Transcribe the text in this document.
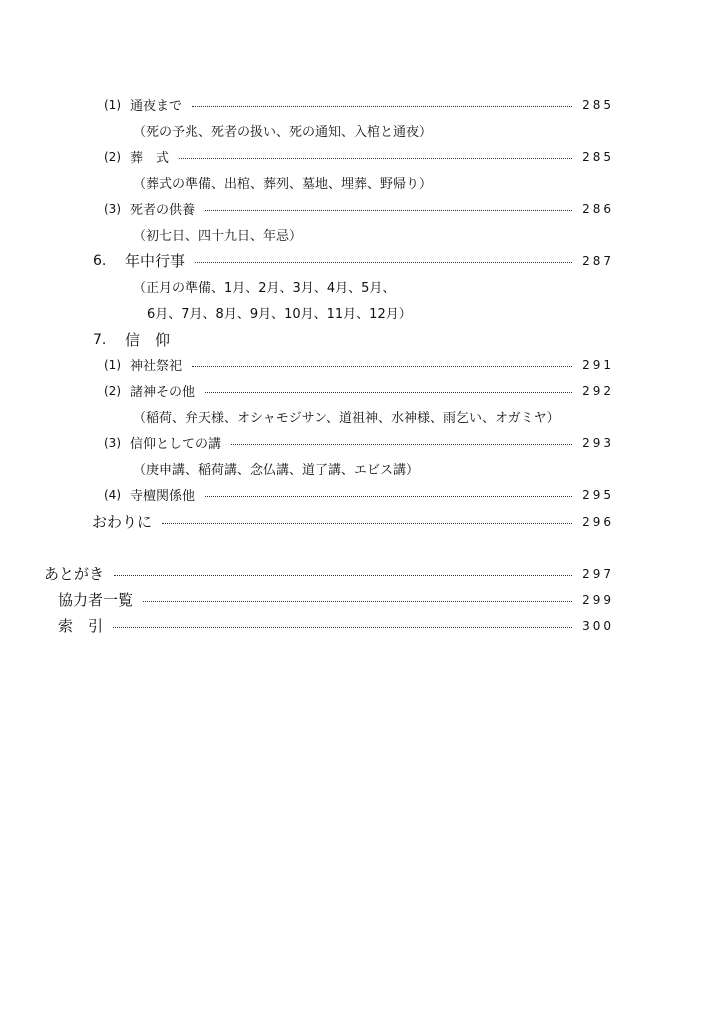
(1) 通夜まで	285
（死の予兆、死者の扱い、死の通知、入棺と通夜）
(2) 葬　式	285
（葬式の準備、出棺、葬列、墓地、埋葬、野帰り）
(3) 死者の供養	286
（初七日、四十九日、年忌）
6.	年中行事	287
（正月の準備、1月、2月、3月、4月、5月、
6月、7月、8月、9月、10月、11月、12月）
7.	信　仰
(1) 神社祭祀	291
(2) 諸神その他	292
（稲荷、弁天様、オシャモジサン、道祖神、水神様、雨乞い、オガミヤ）
(3) 信仰としての講	293
（庚申講、稲荷講、念仏講、道了講、エビス講）
(4) 寺檀関係他	295
おわりに	296
あとがき	297
協力者一覧	299
索　引	300
